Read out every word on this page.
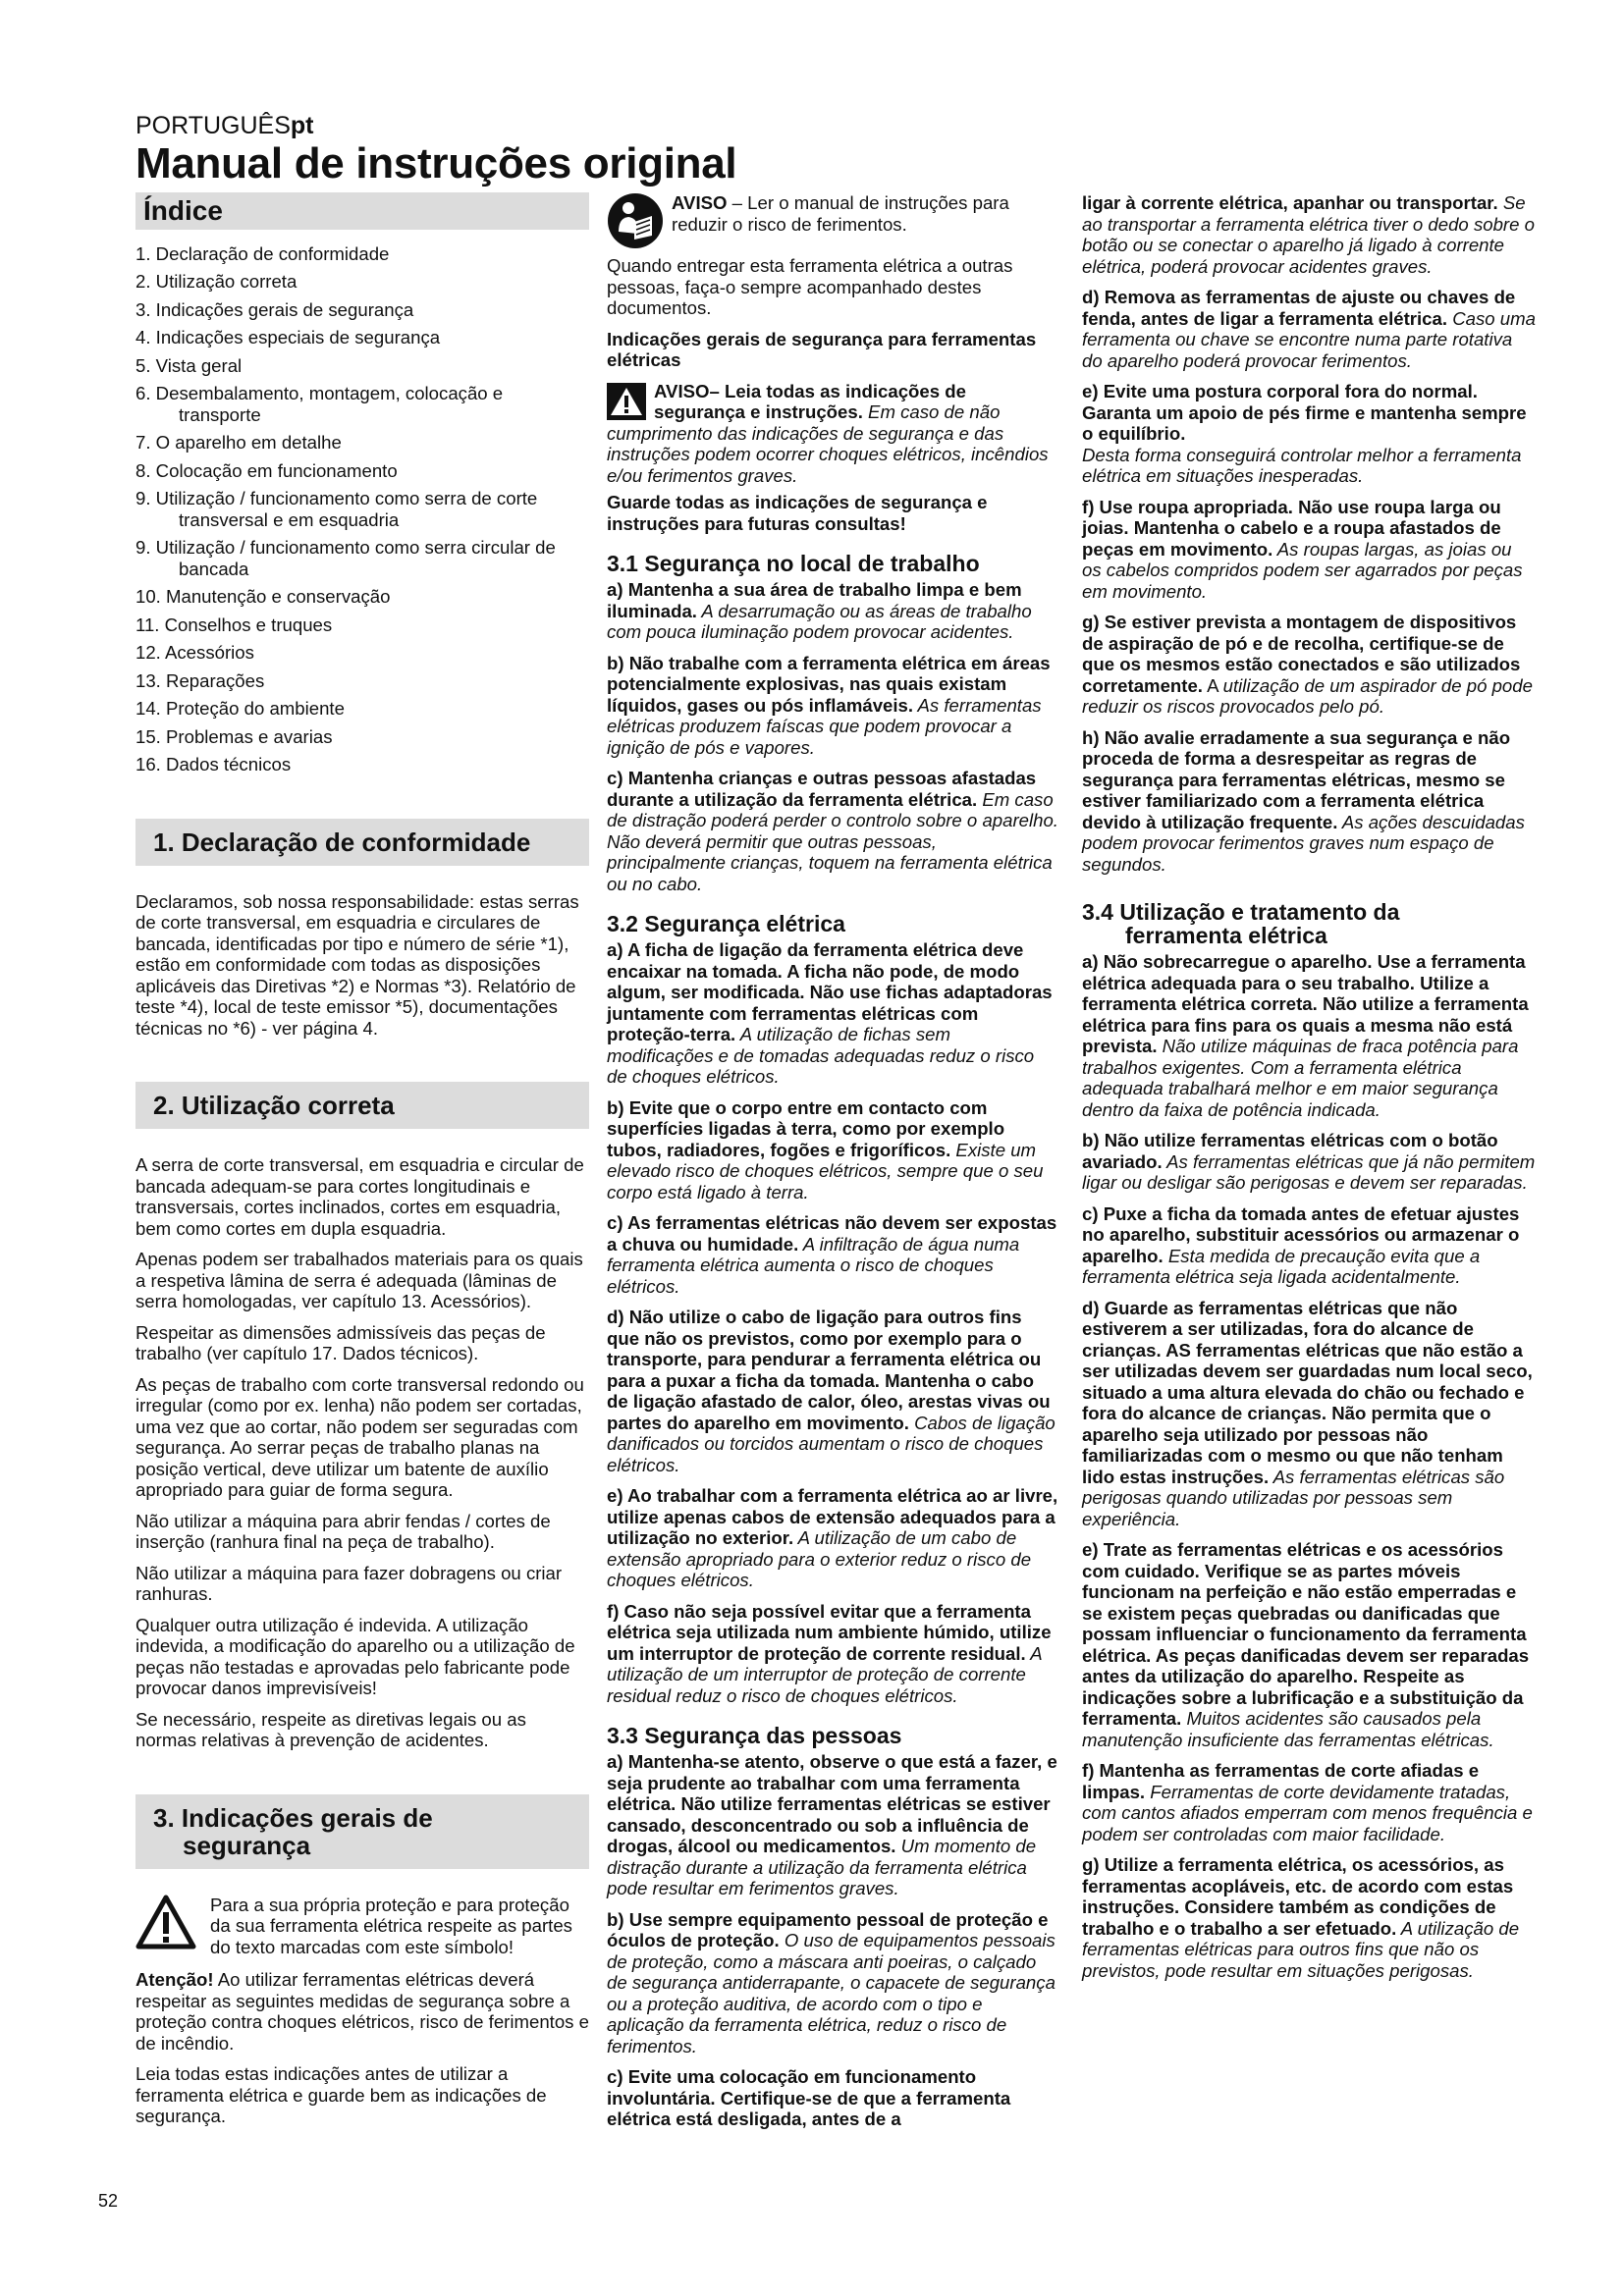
PORTUGUÊSpt
Manual de instruções original
Índice
1. Declaração de conformidade
2. Utilização correta
3. Indicações gerais de segurança
4. Indicações especiais de segurança
5. Vista geral
6. Desembalamento, montagem, colocação e transporte
7. O aparelho em detalhe
8. Colocação em funcionamento
9. Utilização / funcionamento como serra de corte transversal e em esquadria
9. Utilização / funcionamento como serra circular de bancada
10. Manutenção e conservação
11. Conselhos e truques
12. Acessórios
13. Reparações
14. Proteção do ambiente
15. Problemas e avarias
16. Dados técnicos
1. Declaração de conformidade

Declaramos, sob nossa responsabilidade: estas serras de corte transversal, em esquadria e circulares de bancada, identificadas por tipo e número de série *1), estão em conformidade com todas as disposições aplicáveis das Diretivas *2) e Normas *3). Relatório de teste *4), local de teste emissor *5), documentações técnicas no *6) - ver página 4.

2. Utilização correta

A serra de corte transversal, em esquadria e circular de bancada adequam-se para cortes longitudinais e transversais, cortes inclinados, cortes em esquadria, bem como cortes em dupla esquadria.

Apenas podem ser trabalhados materiais para os quais a respetiva lâmina de serra é adequada (lâminas de serra homologadas, ver capítulo 13. Acessórios).

Respeitar as dimensões admissíveis das peças de trabalho (ver capítulo 17. Dados técnicos).

As peças de trabalho com corte transversal redondo ou irregular (como por ex. lenha) não podem ser cortadas, uma vez que ao cortar, não podem ser seguradas com segurança. Ao serrar peças de trabalho planas na posição vertical, deve utilizar um batente de auxílio apropriado para guiar de forma segura.

Não utilizar a máquina para abrir fendas / cortes de inserção (ranhura final na peça de trabalho).

Não utilizar a máquina para fazer dobragens ou criar ranhuras.

Qualquer outra utilização é indevida. A utilização indevida, a modificação do aparelho ou a utilização de peças não testadas e aprovadas pelo fabricante pode provocar danos imprevisíveis!

Se necessário, respeite as diretivas legais ou as normas relativas à prevenção de acidentes.

3. Indicações gerais de
segurança
Para a sua própria proteção e para proteção da sua ferramenta elétrica respeite as partes do texto marcadas com este símbolo!

Atenção! Ao utilizar ferramentas elétricas deverá respeitar as seguintes medidas de segurança sobre a proteção contra choques elétricos, risco de ferimentos e de incêndio.

Leia todas estas indicações antes de utilizar a ferramenta elétrica e guarde bem as indicações de segurança.

AVISO – Ler o manual de instruções para reduzir o risco de ferimentos.

Quando entregar esta ferramenta elétrica a outras pessoas, faça-o sempre acompanhado destes documentos.

Indicações gerais de segurança para ferramentas elétricas

AVISO– Leia todas as indicações de segurança e instruções. Em caso de não cumprimento das indicações de segurança e das instruções podem ocorrer choques elétricos, incêndios e/ou ferimentos graves.

Guarde todas as indicações de segurança e instruções para futuras consultas!

3.1 Segurança no local de trabalho

a) Mantenha a sua área de trabalho limpa e bem iluminada. A desarrumação ou as áreas de trabalho com pouca iluminação podem provocar acidentes.

b) Não trabalhe com a ferramenta elétrica em áreas potencialmente explosivas, nas quais existam líquidos, gases ou pós inflamáveis. As ferramentas elétricas produzem faíscas que podem provocar a ignição de pós e vapores.

c) Mantenha crianças e outras pessoas afastadas durante a utilização da ferramenta elétrica. Em caso de distração poderá perder o controlo sobre o aparelho.

Não deverá permitir que outras pessoas, principalmente crianças, toquem na ferramenta elétrica ou no cabo.

3.2 Segurança elétrica

a) A ficha de ligação da ferramenta elétrica deve encaixar na tomada. A ficha não pode, de modo algum, ser modificada. Não use fichas adaptadoras juntamente com ferramentas elétricas com proteção-terra. A utilização de fichas sem modificações e de tomadas adequadas reduz o risco de choques elétricos.

b) Evite que o corpo entre em contacto com superfícies ligadas à terra, como por exemplo tubos, radiadores, fogões e frigoríficos. Existe um elevado risco de choques elétricos, sempre que o seu corpo está ligado à terra.

c) As ferramentas elétricas não devem ser expostas a chuva ou humidade. A infiltração de água numa ferramenta elétrica aumenta o risco de choques elétricos.

d) Não utilize o cabo de ligação para outros fins que não os previstos, como por exemplo para o transporte, para pendurar a ferramenta elétrica ou para a puxar a ficha da tomada. Mantenha o cabo de ligação afastado de calor, óleo, arestas vivas ou partes do aparelho em movimento. Cabos de ligação danificados ou torcidos aumentam o risco de choques elétricos.

e) Ao trabalhar com a ferramenta elétrica ao ar livre, utilize apenas cabos de extensão adequados para a utilização no exterior. A utilização de um cabo de extensão apropriado para o exterior reduz o risco de choques elétricos.

f) Caso não seja possível evitar que a ferramenta elétrica seja utilizada num ambiente húmido, utilize um interruptor de proteção de corrente residual. A utilização de um interruptor de proteção de corrente residual reduz o risco de choques elétricos.

3.3 Segurança das pessoas

a) Mantenha-se atento, observe o que está a fazer, e seja prudente ao trabalhar com uma ferramenta elétrica. Não utilize ferramentas elétricas se estiver cansado, desconcentrado ou sob a influência de drogas, álcool ou medicamentos. Um momento de distração durante a utilização da ferramenta elétrica pode resultar em ferimentos graves.

b) Use sempre equipamento pessoal de proteção e óculos de proteção. O uso de equipamentos pessoais de proteção, como a máscara anti poeiras, o calçado de segurança antiderrapante, o capacete de segurança ou a proteção auditiva, de acordo com o tipo e aplicação da ferramenta elétrica, reduz o risco de ferimentos.

c) Evite uma colocação em funcionamento involuntária. Certifique-se de que a ferramenta elétrica está desligada, antes de a

ligar à corrente elétrica, apanhar ou transportar. Se ao transportar a ferramenta elétrica tiver o dedo sobre o botão ou se conectar o aparelho já ligado à corrente elétrica, poderá provocar acidentes graves.

d) Remova as ferramentas de ajuste ou chaves de fenda, antes de ligar a ferramenta elétrica. Caso uma ferramenta ou chave se encontre numa parte rotativa do aparelho poderá provocar ferimentos.

e) Evite uma postura corporal fora do normal. Garanta um apoio de pés firme e mantenha sempre o equilíbrio.

Desta forma conseguirá controlar melhor a ferramenta elétrica em situações inesperadas.

f) Use roupa apropriada. Não use roupa larga ou joias. Mantenha o cabelo e a roupa afastados de peças em movimento. As roupas largas, as joias ou os cabelos compridos podem ser agarrados por peças em movimento.

g) Se estiver prevista a montagem de dispositivos de aspiração de pó e de recolha, certifique-se de que os mesmos estão conectados e são utilizados corretamente. A utilização de um aspirador de pó pode reduzir os riscos provocados pelo pó.

h) Não avalie erradamente a sua segurança e não proceda de forma a desrespeitar as regras de segurança para ferramentas elétricas, mesmo se estiver familiarizado com a ferramenta elétrica devido à utilização frequente. As ações descuidadas podem provocar ferimentos graves num espaço de segundos.

3.4 Utilização e tratamento da
ferramenta elétrica

a) Não sobrecarregue o aparelho. Use a ferramenta elétrica adequada para o seu trabalho. Utilize a ferramenta elétrica correta. Não utilize a ferramenta elétrica para fins para os quais a mesma não está prevista. Não utilize máquinas de fraca potência para trabalhos exigentes. Com a ferramenta elétrica adequada trabalhará melhor e em maior segurança dentro da faixa de potência indicada.

b) Não utilize ferramentas elétricas com o botão avariado. As ferramentas elétricas que já não permitem ligar ou desligar são perigosas e devem ser reparadas.

c) Puxe a ficha da tomada antes de efetuar ajustes no aparelho, substituir acessórios ou armazenar o aparelho. Esta medida de precaução evita que a ferramenta elétrica seja ligada acidentalmente.

d) Guarde as ferramentas elétricas que não estiverem a ser utilizadas, fora do alcance de crianças. AS ferramentas elétricas que não estão a ser utilizadas devem ser guardadas num local seco, situado a uma altura elevada do chão ou fechado e fora do alcance de crianças. Não permita que o aparelho seja utilizado por pessoas não familiarizadas com o mesmo ou que não tenham lido estas instruções. As ferramentas elétricas são perigosas quando utilizadas por pessoas sem experiência.

e) Trate as ferramentas elétricas e os acessórios com cuidado. Verifique se as partes móveis funcionam na perfeição e não estão emperradas e se existem peças quebradas ou danificadas que possam influenciar o funcionamento da ferramenta elétrica. As peças danificadas devem ser reparadas antes da utilização do aparelho. Respeite as indicações sobre a lubrificação e a substituição da ferramenta. Muitos acidentes são causados pela manutenção insuficiente das ferramentas elétricas.

f) Mantenha as ferramentas de corte afiadas e limpas. Ferramentas de corte devidamente tratadas, com cantos afiados emperram com menos frequência e podem ser controladas com maior facilidade.

g) Utilize a ferramenta elétrica, os acessórios, as ferramentas acopláveis, etc. de acordo com estas instruções. Considere também as condições de trabalho e o trabalho a ser efetuado. A utilização de ferramentas elétricas para outros fins que não os previstos, pode resultar em situações perigosas.

52
